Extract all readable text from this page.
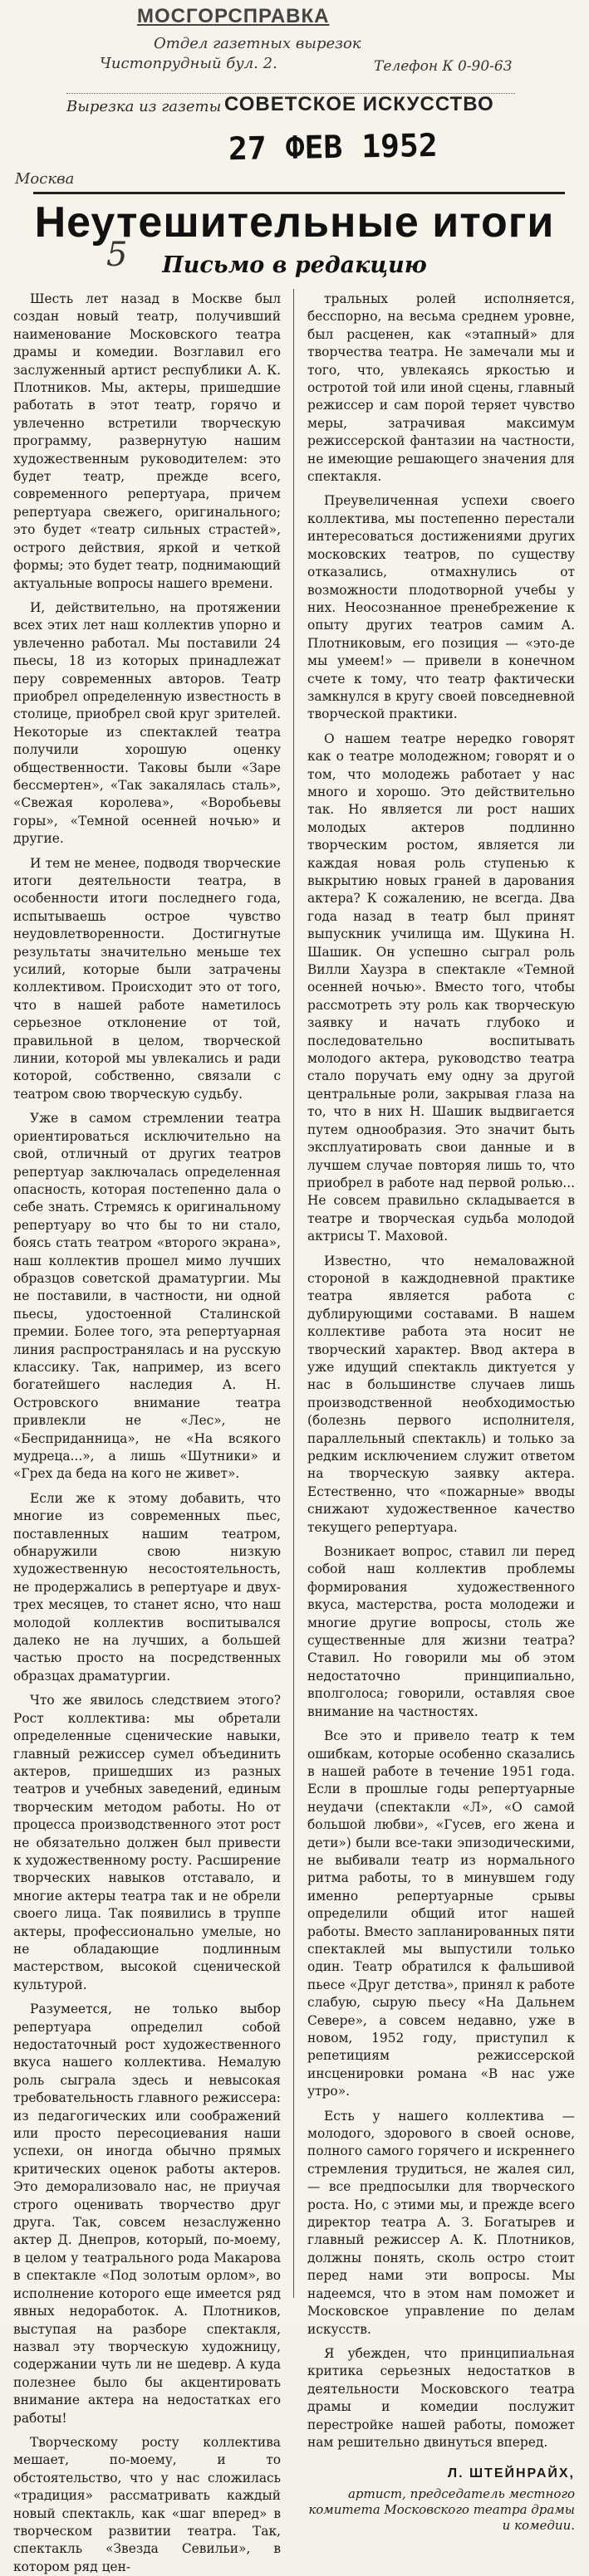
МОСГОРСПРАВКА
Отдел газетных вырезок
Чистопрудный бул. 2.	Телефон К 0-90-63
Вырезка из газеты СОВЕТСКОЕ ИСКУССТВО
27 ФЕВ 1952
Москва
Неутешительные итоги
Письмо в редакцию
5

Шесть лет назад в Москве был создан новый театр, получивший наименование Московского театра драмы и комедии. Возглавил его заслуженный артист республики А. К. Плотников. Мы, актеры, пришедшие работать в этот театр, горячо и увлеченно встретили творческую программу, развернутую нашим художественным руководителем: это будет театр, прежде всего, современного репертуара, причем репертуара свежего, оригинального; это будет «театр сильных страстей», острого действия, яркой и четкой формы; это будет театр, поднимающий актуальные вопросы нашего времени.

И, действительно, на протяжении всех этих лет наш коллектив упорно и увлеченно работал. Мы поставили 24 пьесы, 18 из которых принадлежат перу современных авторов. Театр приобрел определенную известность в столице, приобрел свой круг зрителей. Некоторые из спектаклей театра получили хорошую оценку общественности. Таковы были «Заре бессмертен», «Так закалялась сталь», «Свежая королева», «Воробьевы горы», «Темной осенней ночью» и другие.

И тем не менее, подводя творческие итоги деятельности театра, в особенности итоги последнего года, испытываешь острое чувство неудовлетворенности. Достигнутые результаты значительно меньше тех усилий, которые были затрачены коллективом. Происходит это от того, что в нашей работе наметилось серьезное отклонение от той, правильной в целом, творческой линии, которой мы увлекались и ради которой, собственно, связали с театром свою творческую судьбу.

Уже в самом стремлении театра ориентироваться исключительно на свой, отличный от других театров репертуар заключалась определенная опасность, которая постепенно дала о себе знать. Стремясь к оригинальному репертуару во что бы то ни стало, боясь стать театром «второго экрана», наш коллектив прошел мимо лучших образцов советской драматургии. Мы не поставили, в частности, ни одной пьесы, удостоенной Сталинской премии. Более того, эта репертуарная линия распространялась и на русскую классику. Так, например, из всего богатейшего наследия А. Н. Островского внимание театра привлекли не «Лес», не «Бесприданница», не «На всякого мудреца...», а лишь «Шутники» и «Грех да беда на кого не живет».

Если же к этому добавить, что многие из современных пьес, поставленных нашим театром, обнаружили свою низкую художественную несостоятельность, не продержались в репертуаре и двух-трех месяцев, то станет ясно, что наш молодой коллектив воспитывался далеко не на лучших, а большей частью просто на посредственных образцах драматургии.

Что же явилось следствием этого? Рост коллектива: мы обретали определенные сценические навыки, главный режиссер сумел объединить актеров, пришедших из разных театров и учебных заведений, единым творческим методом работы. Но от процесса производственного этот рост не обязательно должен был привести к художественному росту. Расширение творческих навыков отставало, и многие актеры театра так и не обрели своего лица. Так появились в труппе актеры, профессионально умелые, но не обладающие подлинным мастерством, высокой сценической культурой.

Разумеется, не только выбор репертуара определил собой недостаточный рост художественного вкуса нашего коллектива. Немалую роль сыграла здесь и невысокая требовательность главного режиссера: из педагогических или соображений или просто пересоциевания наши успехи, он иногда обычно прямых критических оценок работы актеров. Это деморализовало нас, не приучая строго оценивать творчество друг друга. Так, совсем незаслуженно актер Д. Днепров, который, по-моему, в целом у театрального рода Макарова в спектакле «Под золотым орлом», во исполнение которого еще имеется ряд явных недоработок. А. Плотников, выступая на разборе спектакля, назвал эту творческую художницу, содержании чуть ли не шедевр. А куда полезнее было бы акцентировать внимание актера на недостатках его работы!

Творческому росту коллектива мешает, по-моему, и то обстоятельство, что у нас сложилась «традиция» рассматривать каждый новый спектакль, как «шаг вперед» в творческом развитии театра. Так, спектакль «Звезда Севильи», в котором ряд цен-

тральных ролей исполняется, бесспорно, на весьма среднем уровне, был расценен, как «этапный» для творчества театра. Не замечали мы и того, что, увлекаясь яркостью и остротой той или иной сцены, главный режиссер и сам порой теряет чувство меры, затрачивая максимум режиссерской фантазии на частности, не имеющие решающего значения для спектакля.

Преувеличенная успехи своего коллектива, мы постепенно перестали интересоваться достижениями других московских театров, по существу отказались, отмахнулись от возможности плодотворной учебы у них. Неосознанное пренебрежение к опыту других театров самим А. Плотниковым, его позиция — «это-де мы умеем!» — привели в конечном счете к тому, что театр фактически замкнулся в кругу своей повседневной творческой практики.

О нашем театре нередко говорят как о театре молодежном; говорят и о том, что молодежь работает у нас много и хорошо. Это действительно так. Но является ли рост наших молодых актеров подлинно творческим ростом, является ли каждая новая роль ступенью к выкрытию новых граней в дарования актера? К сожалению, не всегда. Два года назад в театр был принят выпускник училища им. Щукина Н. Шашик. Он успешно сыграл роль Вилли Хаузра в спектакле «Темной осенней ночью». Вместо того, чтобы рассмотреть эту роль как творческую заявку и начать глубоко и последовательно воспитывать молодого актера, руководство театра стало поручать ему одну за другой центральные роли, закрывая глаза на то, что в них Н. Шашик выдвигается путем однообразия. Это значит быть эксплуатировать свои данные и в лучшем случае повторяя лишь то, что приобрел в работе над первой ролью... Не совсем правильно складывается в театре и творческая судьба молодой актрисы Т. Маховой.

Известно, что немаловажной стороной в каждодневной практике театра является работа с дублирующими составами. В нашем коллективе работа эта носит не творческий характер. Ввод актера в уже идущий спектакль диктуется у нас в большинстве случаев лишь производственной необходимостью (болезнь первого исполнителя, параллельный спектакль) и только за редким исключением служит ответом на творческую заявку актера. Естественно, что «пожарные» вводы снижают художественное качество текущего репертуара.

Возникает вопрос, ставил ли перед собой наш коллектив проблемы формирования художественного вкуса, мастерства, роста молодежи и многие другие вопросы, столь же существенные для жизни театра? Ставил. Но говорили мы об этом недостаточно принципиально, вполголоса; говорили, оставляя свое внимание на частностях.

Все это и привело театр к тем ошибкам, которые особенно сказались в нашей работе в течение 1951 года. Если в прошлые годы репертуарные неудачи (спектакли «Л», «О самой большой любви», «Гусев, его жена и дети») были все-таки эпизодическими, не выбивали театр из нормального ритма работы, то в минувшем году именно репертуарные срывы определили общий итог нашей работы. Вместо запланированных пяти спектаклей мы выпустили только один. Театр обратился к фальшивой пьесе «Друг детства», принял к работе слабую, сырую пьесу «На Дальнем Севере», а совсем недавно, уже в новом, 1952 году, приступил к репетициям режиссерской инсценировки романа «В нас уже утро».

Есть у нашего коллектива — молодого, здорового в своей основе, полного самого горячего и искреннего стремления трудиться, не жалея сил, — все предпосылки для творческого роста. Но, с этими мы, и прежде всего директор театра А. З. Богатырев и главный режиссер А. К. Плотников, должны понять, сколь остро стоит перед нами эти вопросы. Мы надеемся, что в этом нам поможет и Московское управление по делам искусств.

Я убежден, что принципиальная критика серьезных недостатков в деятельности Московского театра драмы и комедии послужит перестройке нашей работы, поможет нам решительно двинуться вперед.

Л. ШТЕЙНРАЙХ,
артист, председатель местного комитета Московского театра драмы и комедии.
